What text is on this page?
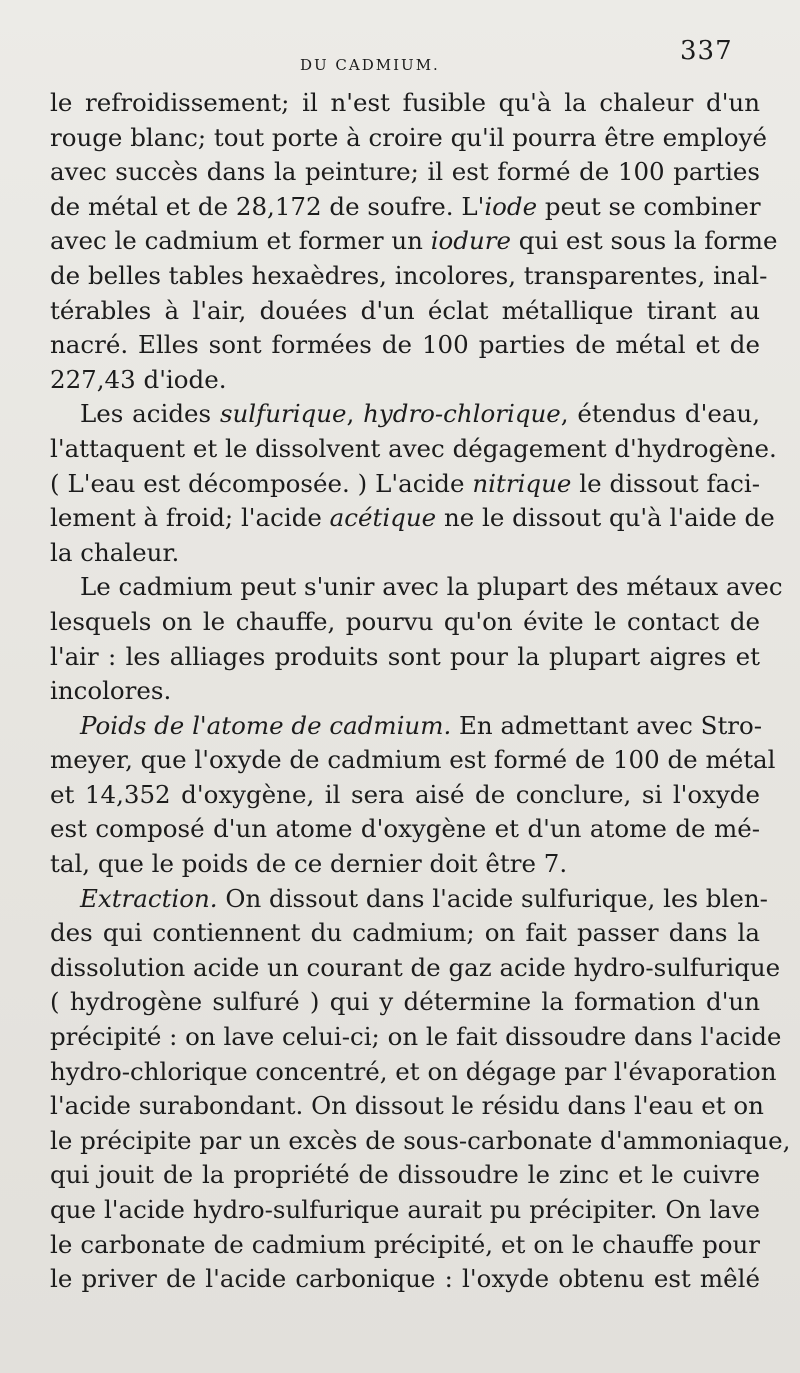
DU CADMIUM.	337
le refroidissement; il n'est fusible qu'à la chaleur d'un
rouge blanc; tout porte à croire qu'il pourra être employé
avec succès dans la peinture; il est formé de 100 parties
de métal et de 28,172 de soufre. L'iode peut se combiner
avec le cadmium et former un iodure qui est sous la forme
de belles tables hexaèdres, incolores, transparentes, inal-
térables à l'air, douées d'un éclat métallique tirant au
nacré. Elles sont formées de 100 parties de métal et de
227,43 d'iode.
Les acides sulfurique, hydro-chlorique, étendus d'eau,
l'attaquent et le dissolvent avec dégagement d'hydrogène.
( L'eau est décomposée. ) L'acide nitrique le dissout faci-
lement à froid; l'acide acétique ne le dissout qu'à l'aide de
la chaleur.
Le cadmium peut s'unir avec la plupart des métaux avec
lesquels on le chauffe, pourvu qu'on évite le contact de
l'air : les alliages produits sont pour la plupart aigres et
incolores.
Poids de l'atome de cadmium. En admettant avec Stro-
meyer, que l'oxyde de cadmium est formé de 100 de métal
et 14,352 d'oxygène, il sera aisé de conclure, si l'oxyde
est composé d'un atome d'oxygène et d'un atome de mé-
tal, que le poids de ce dernier doit être 7.
Extraction. On dissout dans l'acide sulfurique, les blen-
des qui contiennent du cadmium; on fait passer dans la
dissolution acide un courant de gaz acide hydro-sulfurique
( hydrogène sulfuré ) qui y détermine la formation d'un
précipité : on lave celui-ci; on le fait dissoudre dans l'acide
hydro-chlorique concentré, et on dégage par l'évaporation
l'acide surabondant. On dissout le résidu dans l'eau et on
le précipite par un excès de sous-carbonate d'ammoniaque,
qui jouit de la propriété de dissoudre le zinc et le cuivre
que l'acide hydro-sulfurique aurait pu précipiter. On lave
le carbonate de cadmium précipité, et on le chauffe pour
le priver de l'acide carbonique : l'oxyde obtenu est mêlé
